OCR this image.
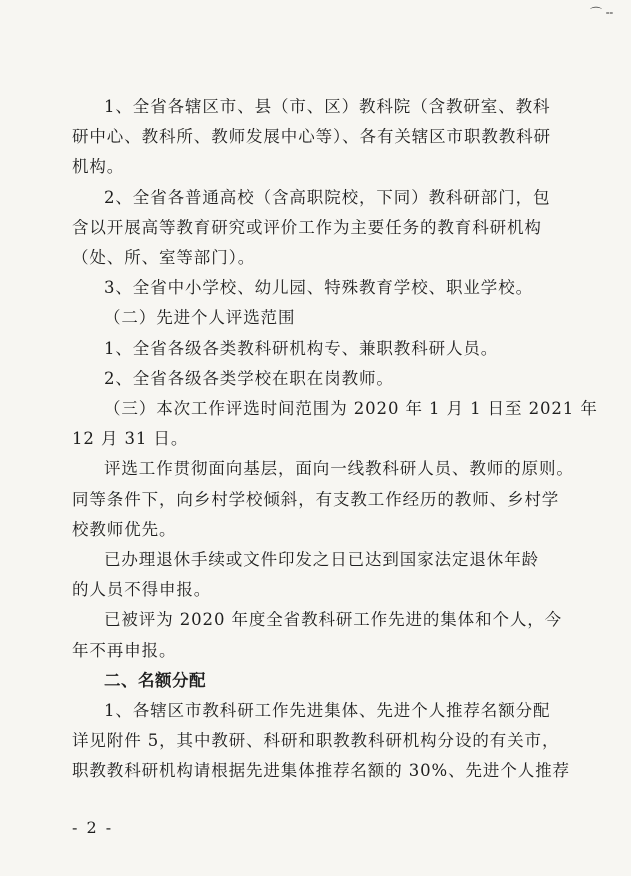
⌒ ╌
1、全省各辖区市、县（市、区）教科院（含教研室、教科
研中心、教科所、教师发展中心等）、各有关辖区市职教教科研
机构。
2、全省各普通高校（含高职院校，下同）教科研部门，包
含以开展高等教育研究或评价工作为主要任务的教育科研机构
（处、所、室等部门）。
3、全省中小学校、幼儿园、特殊教育学校、职业学校。
（二）先进个人评选范围
1、全省各级各类教科研机构专、兼职教科研人员。
2、全省各级各类学校在职在岗教师。
（三）本次工作评选时间范围为 2020 年 1 月 1 日至 2021 年
12 月 31 日。
评选工作贯彻面向基层，面向一线教科研人员、教师的原则。
同等条件下，向乡村学校倾斜，有支教工作经历的教师、乡村学
校教师优先。
已办理退休手续或文件印发之日已达到国家法定退休年龄
的人员不得申报。
已被评为 2020 年度全省教科研工作先进的集体和个人，今
年不再申报。
二、名额分配
1、各辖区市教科研工作先进集体、先进个人推荐名额分配
详见附件 5，其中教研、科研和职教教科研机构分设的有关市，
职教教科研机构请根据先进集体推荐名额的 30%、先进个人推荐
- 2 -
